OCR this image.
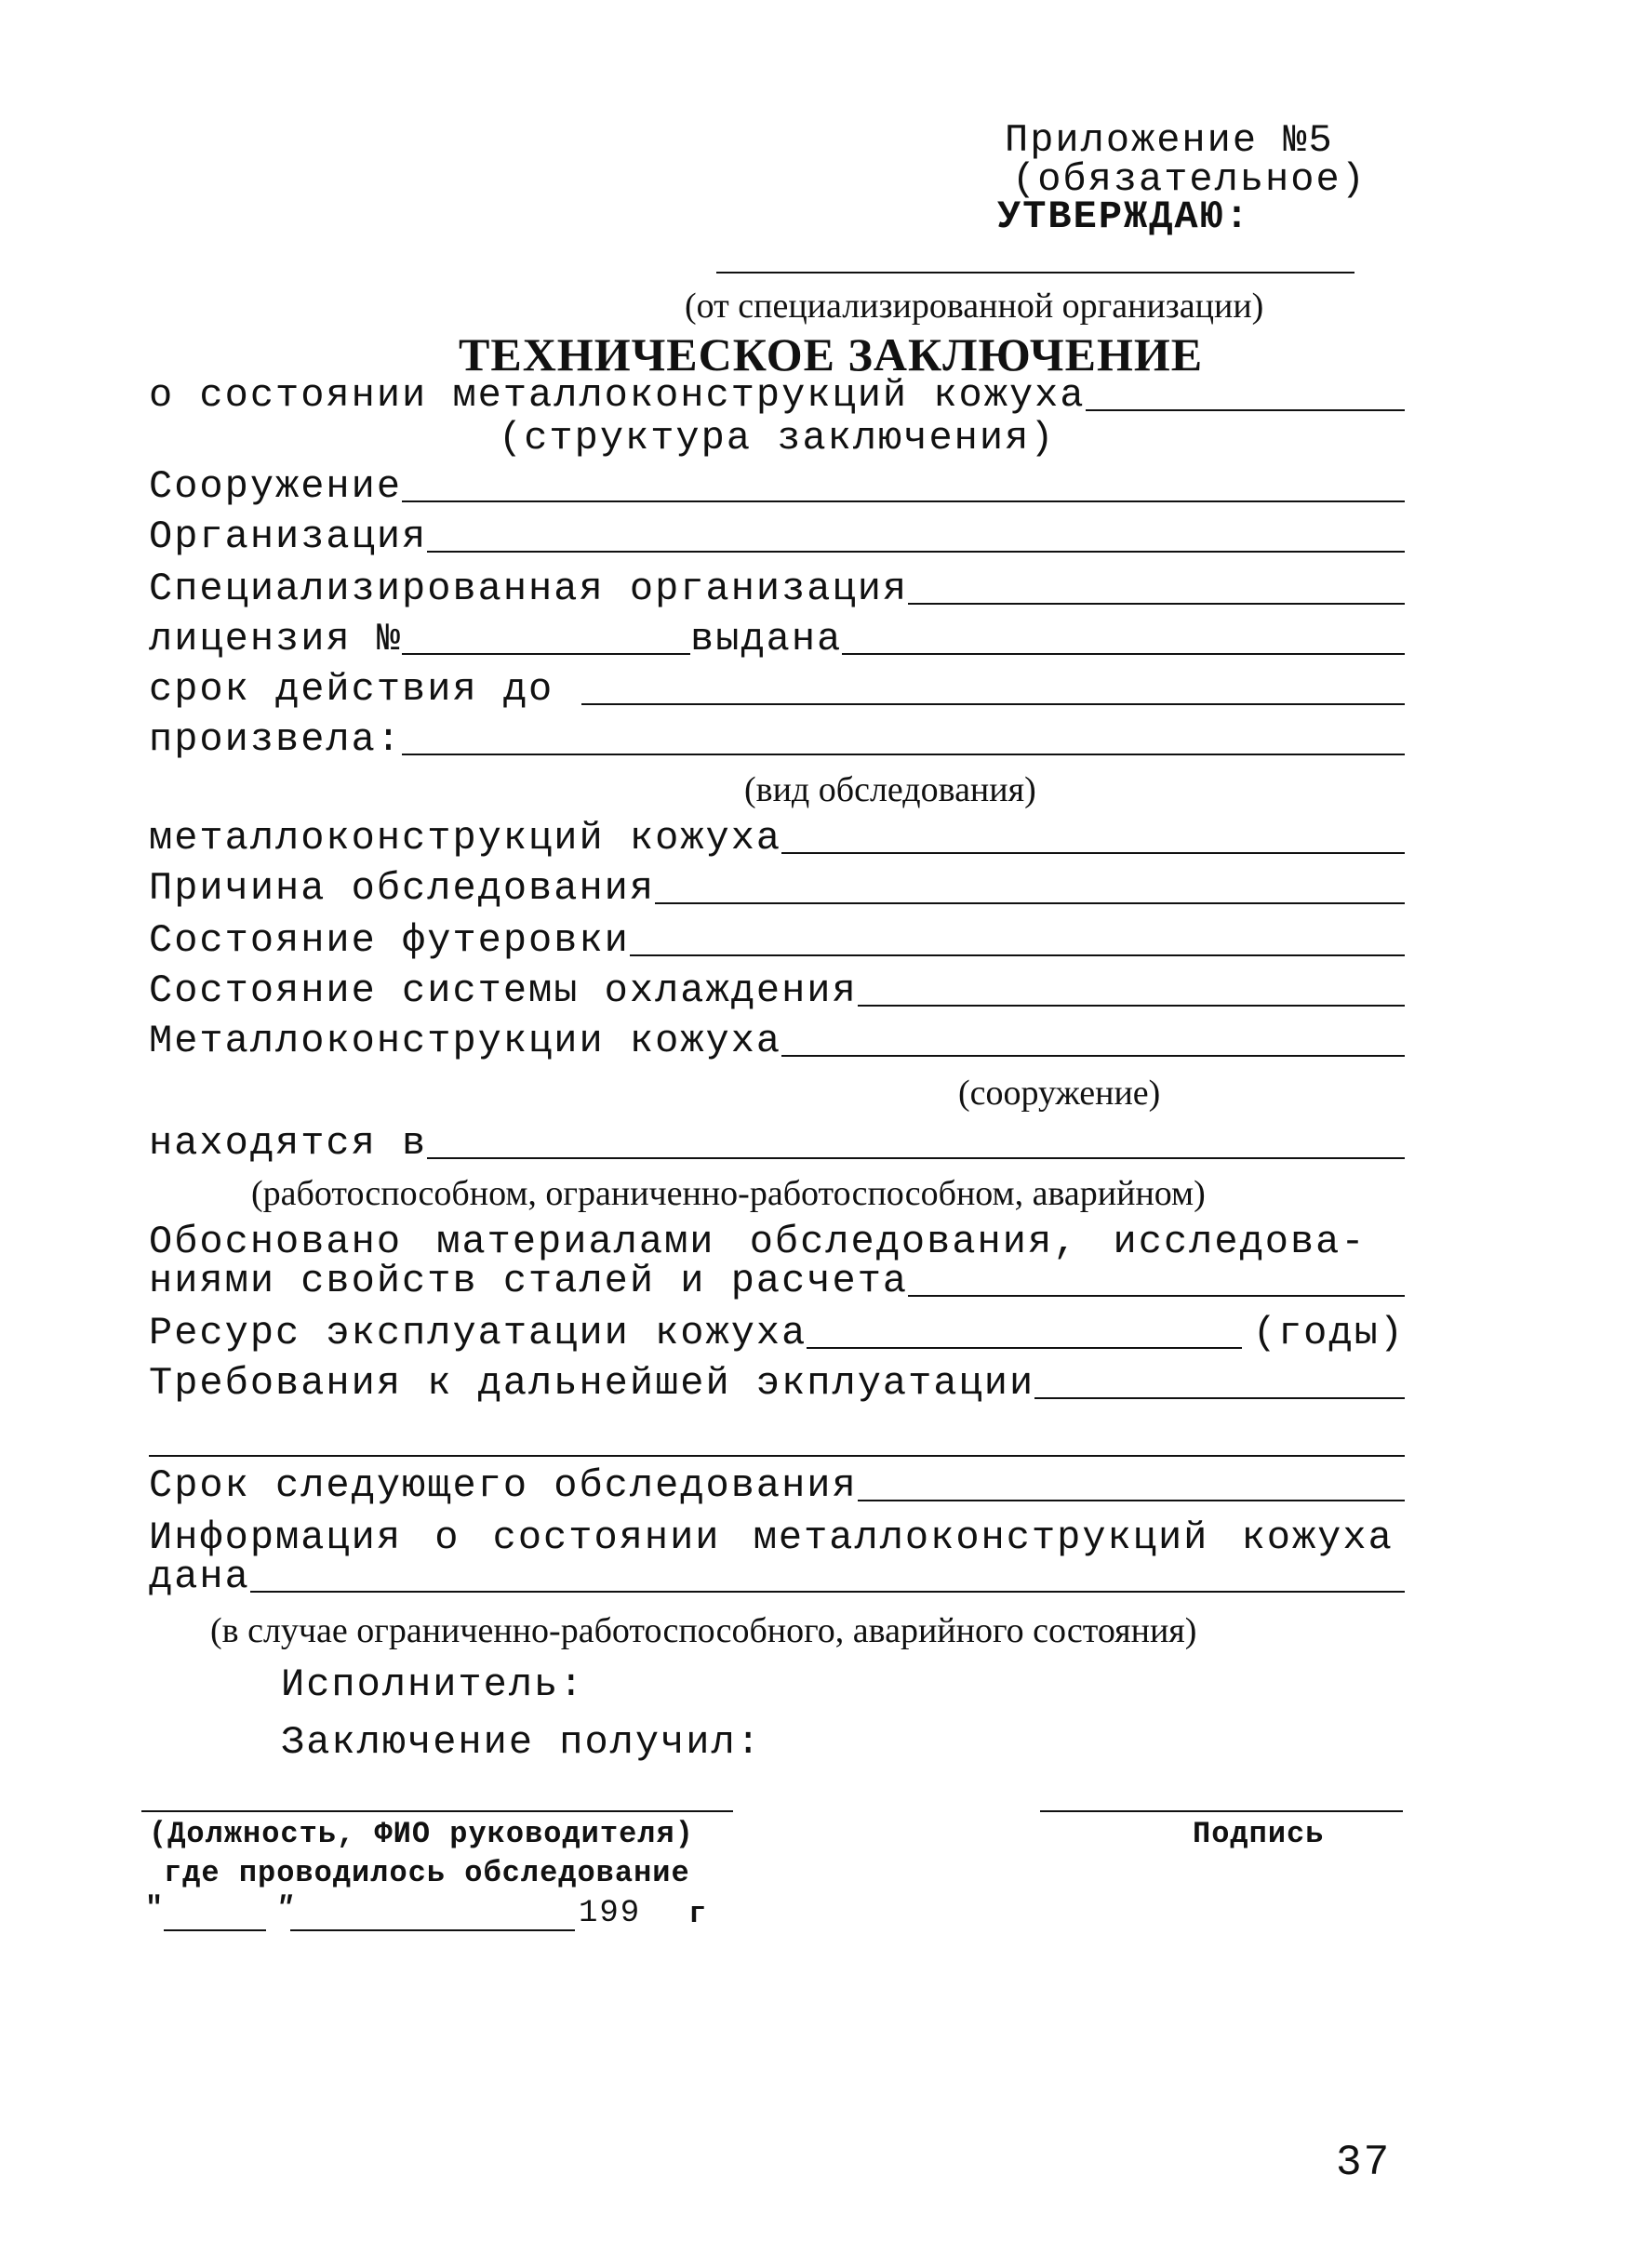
Приложение №5
(обязательное)
УТВЕРЖДАЮ:
(от специализированной организации)
ТЕХНИЧЕСКОЕ ЗАКЛЮЧЕНИЕ
о состоянии металлоконструкций кожуха
(структура заключения)
Сооружение
Организация
Специализированная организация
лицензия №	выдана
срок действия до
произвела:
(вид обследования)
металлоконструкций кожуха
Причина обследования
Состояние футеровки
Состояние системы охлаждения
Металлоконструкции кожуха
(сооружение)
находятся в
(работоспособном, ограниченно-работоспособном, аварийном)
Обосновано материалами обследования, исследова-
ниями свойств сталей и расчета
Ресурс эксплуатации кожуха	(годы)
Требования к дальнейшей экплуатации
Срок следующего обследования
Информация о состоянии металлоконструкций кожуха
дана
(в случае ограниченно-работоспособного, аварийного состояния)
Исполнитель:
Заключение получил:
(Должность, ФИО руководителя)	Подпись
где проводилось обследование
"	"	199 г
37
